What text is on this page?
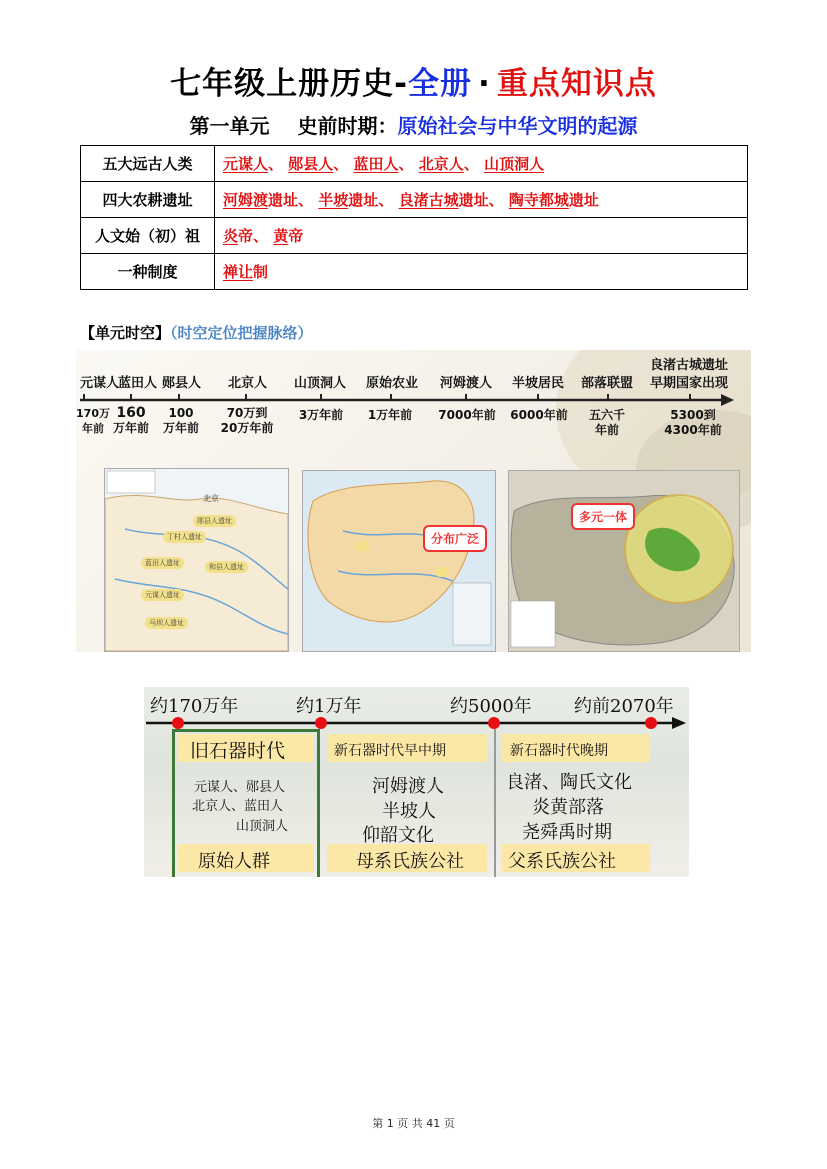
七年级上册历史-全册 · 重点知识点
第一单元 史前时期：原始社会与中华文明的起源
五大远古人类	元谋人、 郧县人、 蓝田人、 北京人、 山顶洞人
四大农耕遗址	河姆渡遗址、 半坡遗址、 良渚古城遗址、 陶寺都城遗址
人文始（初）祖	炎帝、 黄帝
一种制度	禅让制
【单元时空】（时空定位把握脉络）
元谋人
蓝田人 郧县人 北京人 山顶洞人 原始农业 河姆渡人 半坡居民 部落联盟
良渚古城遗址
早期国家出现
170万
年前
160
万年前
100
万年前
70万到
20万年前
3万年前	1万年前	7000年前	6000年前	五六千
年前
5300到
4300年前
北京
郧县人遗址
丁村人遗址
蓝田人遗址	和县人遗址
元谋人遗址
马坝人遗址

分布广泛
多元一体
约170万年	约1万年	约5000年 约前2070年
旧石器时代	新石器时代早中期	新石器时代晚期
元谋人、郧县人
北京人、蓝田人
山顶洞人
河姆渡人
半坡人
仰韶文化
良渚、陶氏文化
炎黄部落
尧舜禹时期
原始人群	母系氏族公社 父系氏族公社
第 1 页 共 41 页
